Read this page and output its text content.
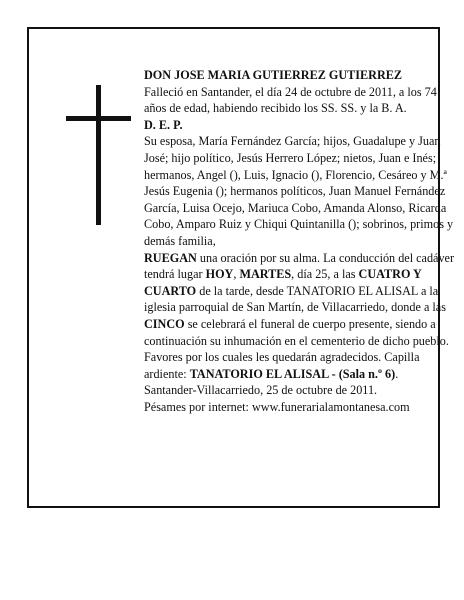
DON JOSE MARIA GUTIERREZ GUTIERREZ

Falleció en Santander, el día 24 de octubre de 2011, a los 74 años de edad, habiendo recibido los SS. SS. y la B. A.

D. E. P.

Su esposa, María Fernández García; hijos, Guadalupe y Juan José; hijo político, Jesús Herrero López; nietos, Juan e Inés; hermanos, Angel (), Luis, Ignacio (), Florencio, Cesáreo y M.ª Jesús Eugenia (); hermanos políticos, Juan Manuel Fernández García, Luisa Ocejo, Mariuca Cobo, Amanda Alonso, Ricarda Cobo, Amparo Ruiz y Chiqui Quintanilla (); sobrinos, primos y demás familia,

RUEGAN una oración por su alma. La conducción del cadáver tendrá lugar HOY, MARTES, día 25, a las CUATRO Y CUARTO de la tarde, desde TANATORIO EL ALISAL a la iglesia parroquial de San Martín, de Villacarriedo, donde a las CINCO se celebrará el funeral de cuerpo presente, siendo a continuación su inhumación en el cementerio de dicho pueblo. Favores por los cuales les quedarán agradecidos. Capilla ardiente: TANATORIO EL ALISAL - (Sala n.º 6).

Santander-Villacarriedo, 25 de octubre de 2011.

Pésames por internet: www.funerarialamontanesa.com
